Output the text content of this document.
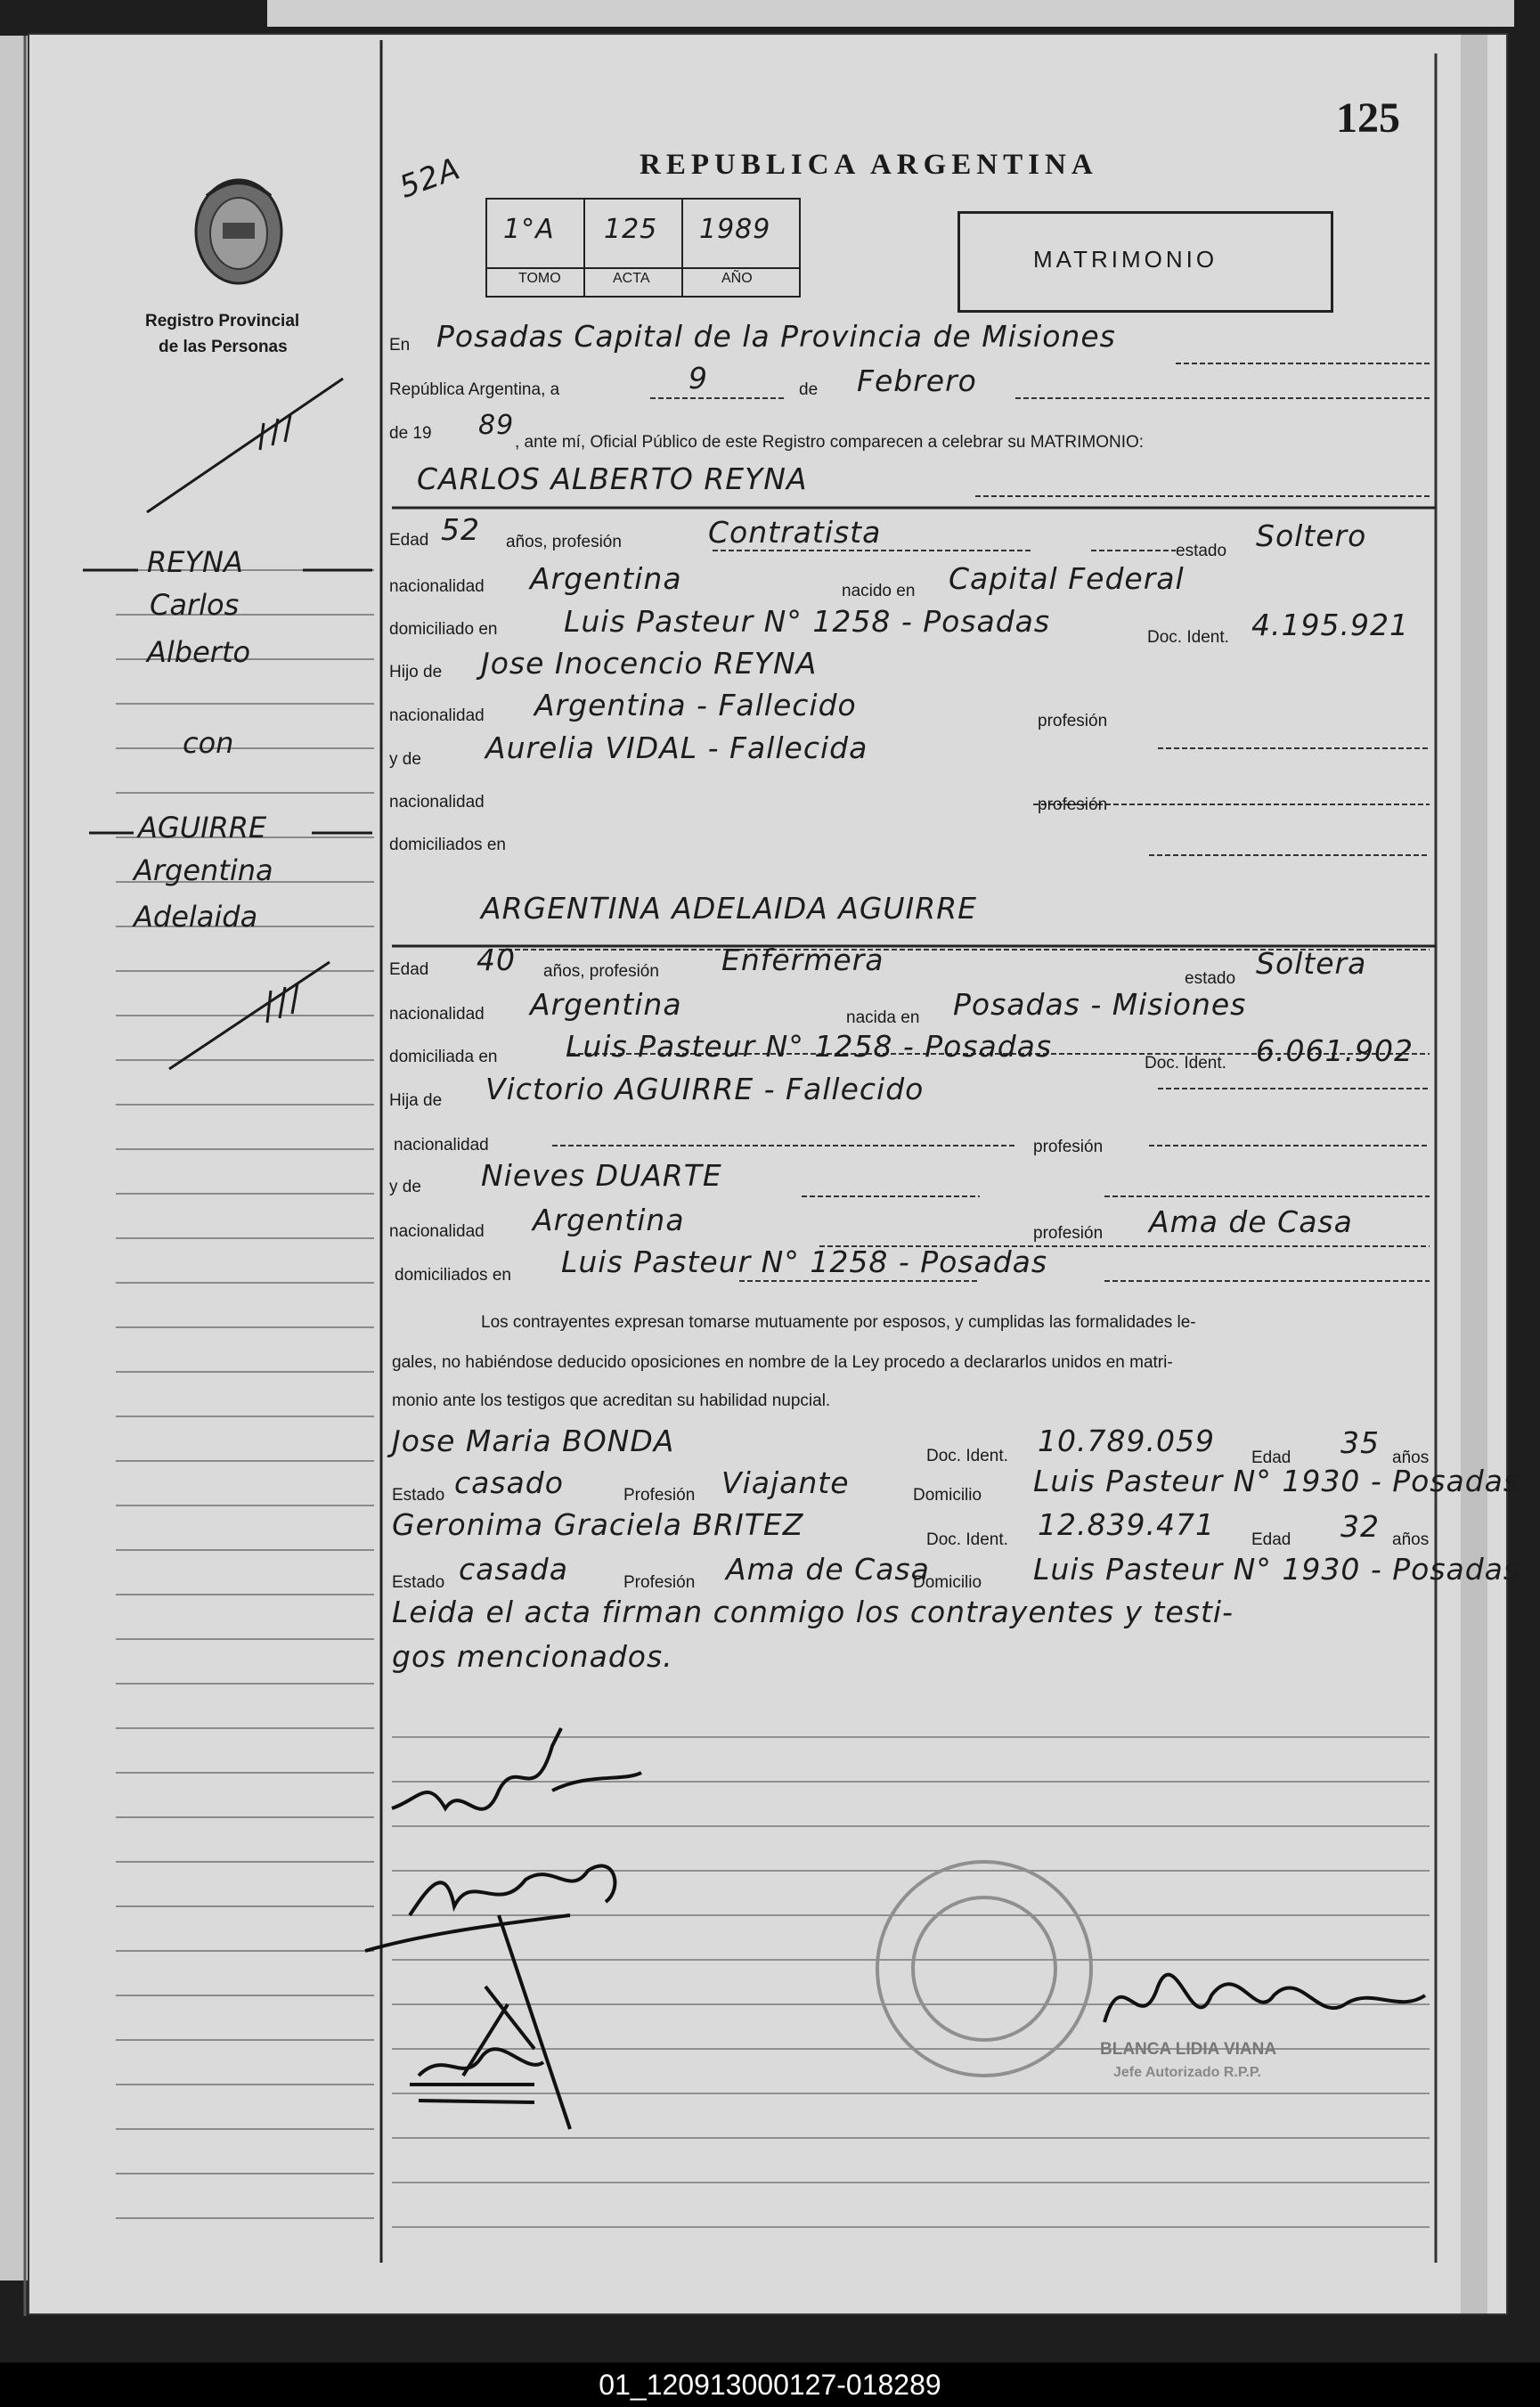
125
52A	REPUBLICA ARGENTINA
MATRIMONIO
Registro Provincial
de las Personas
1°A 125 1989
TOMO	ACTA	AÑO
REYNA
Carlos
Alberto
con
AGUIRRE
Argentina
Adelaida
En Posadas Capital de la Provincia de Misiones
República Argentina, a	9	de Febrero
de 19 89
, ante mí, Oficial Público de este Registro comparecen a celebrar su MATRIMONIO:
CARLOS ALBERTO REYNA
Edad 52 años, profesión	Contratista
estado Soltero
nacionalidad Argentina	nacido en Capital Federal
domiciliado en Luis Pasteur N° 1258 - Posadas	Doc. Ident. 4.195.921
Hijo de Jose Inocencio REYNA
nacionalidad Argentina - Fallecido	profesión
y de Aurelia VIDAL - Fallecida
nacionalidad	profesión
domiciliados en
ARGENTINA ADELAIDA AGUIRRE
Edad 40 años, profesión Enfermera
estado Soltera
nacionalidad Argentina	nacida en Posadas - Misiones
domiciliada en Luis Pasteur N° 1258 - Posadas	Doc. Ident. 6.061.902
Hija de Victorio AGUIRRE - Fallecido
nacionalidad	profesión
y de Nieves DUARTE
nacionalidad Argentina	profesión Ama de Casa
domiciliados en Luis Pasteur N° 1258 - Posadas
Los contrayentes expresan tomarse mutuamente por esposos, y cumplidas las formalidades le-
gales, no habiéndose deducido oposiciones en nombre de la Ley procedo a declararlos unidos en matri-
monio ante los testigos que acreditan su habilidad nupcial.
Jose Maria BONDA	Doc. Ident. 10.789.059 Edad 35 años
Estado casado	Profesión Viajante	Domicilio Luis Pasteur N° 1930 - Posadas
Geronima Graciela BRITEZ	Doc. Ident. 12.839.471 Edad 32 años
Estado casada	Profesión Ama de Casa
Domicilio Luis Pasteur N° 1930 - Posadas
Leida el acta firman conmigo los contrayentes y testi-
gos mencionados.
BLANCA LIDIA VIANA
Jefe Autorizado R.P.P.
01_120913000127-018289
